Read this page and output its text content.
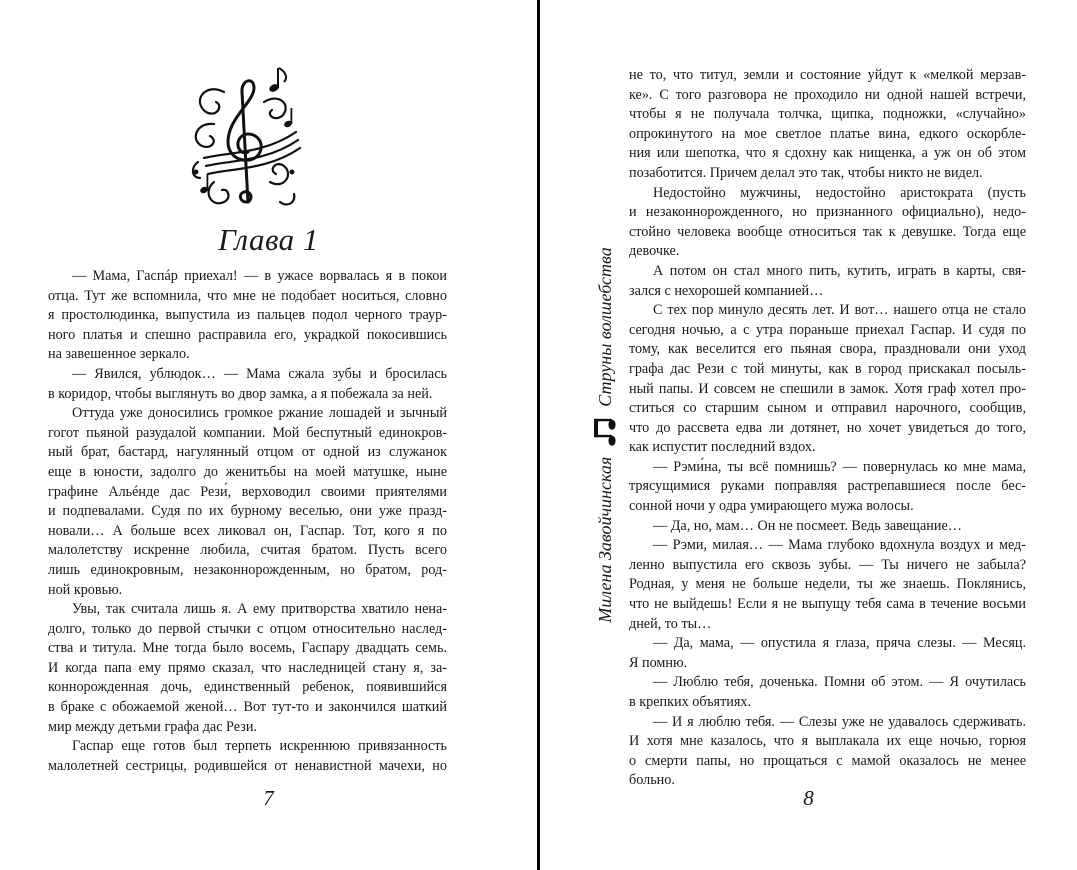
Глава 1
— Мама, Гаспáр приехал! — в ужасе ворвалась я в покои
отца. Тут же вспомнила, что мне не подобает носиться, словно
я простолюдинка, выпустила из пальцев подол черного траур-
ного платья и спешно расправила его, украдкой покосившись
на завешенное зеркало.
— Явился, ублюдок… — Мама сжала зубы и бросилась
в коридор, чтобы выглянуть во двор замка, а я побежала за ней.
Оттуда уже доносились громкое ржание лошадей и зычный
гогот пьяной разудалой компании. Мой беспутный единокров-
ный брат, бастард, нагулянный отцом от одной из служанок
еще в юности, задолго до женитьбы на моей матушке, ныне
графине Альéнде дас Рези́, верховодил своими приятелями
и подпевалами. Судя по их бурному веселью, они уже празд-
новали… А больше всех ликовал он, Гаспар. Тот, кого я по
малолетству искренне любила, считая братом. Пусть всего
лишь единокровным, незаконнорожденным, но братом, род-
ной кровью.
Увы, так считала лишь я. А ему притворства хватило нена-
долго, только до первой стычки с отцом относительно наслед-
ства и титула. Мне тогда было восемь, Гаспару двадцать семь.
И когда папа ему прямо сказал, что наследницей стану я, за-
коннорожденная дочь, единственный ребенок, появившийся
в браке с обожаемой женой… Вот тут-то и закончился шаткий
мир между детьми графа дас Рези.
Гаспар еще готов был терпеть искреннюю привязанность
малолетней сестрицы, родившейся от ненавистной мачехи, но
7
не то, что титул, земли и состояние уйдут к «мелкой мерзав-
ке». С того разговора не проходило ни одной нашей встречи,
чтобы я не получала толчка, щипка, подножки, «случайно»
опрокинутого на мое светлое платье вина, едкого оскорбле-
ния или шепотка, что я сдохну как нищенка, а уж он об этом
позаботится. Причем делал это так, чтобы никто не видел.
Недостойно мужчины, недостойно аристократа (пусть
и незаконнорожденного, но признанного официально), недо-
стойно человека вообще относиться так к девушке. Тогда еще
девочке.
А потом он стал много пить, кутить, играть в карты, свя-
зался с нехорошей компанией…
С тех пор минуло десять лет. И вот… нашего отца не стало
сегодня ночью, а с утра пораньше приехал Гаспар. И судя по
тому, как веселится его пьяная свора, праздновали они уход
графа дас Рези с той минуты, как в город прискакал посыль-
ный папы. И совсем не спешили в замок. Хотя граф хотел про-
ститься со старшим сыном и отправил нарочного, сообщив,
что до рассвета едва ли дотянет, но хочет увидеться до того,
как испустит последний вздох.
— Рэми́на, ты всё помнишь? — повернулась ко мне мама,
трясущимися руками поправляя растрепавшиеся после бес-
сонной ночи у одра умирающего мужа волосы.
— Да, но, мам… Он не посмеет. Ведь завещание…
— Рэми, милая… — Мама глубоко вдохнула воздух и мед-
ленно выпустила его сквозь зубы. — Ты ничего не забыла?
Родная, у меня не больше недели, ты же знаешь. Поклянись,
что не выйдешь! Если я не выпущу тебя сама в течение восьми
дней, то ты…
— Да, мама, — опустила я глаза, пряча слезы. — Месяц.
Я помню.
— Люблю тебя, доченька. Помни об этом. — Я очутилась
в крепких объятиях.
— И я люблю тебя. — Слезы уже не удавалось сдерживать.
И хотя мне казалось, что я выплакала их еще ночью, горюя
о смерти папы, но прощаться с мамой оказалось не менее
больно.
8
Милена Завойчинская
Струны волшебства
